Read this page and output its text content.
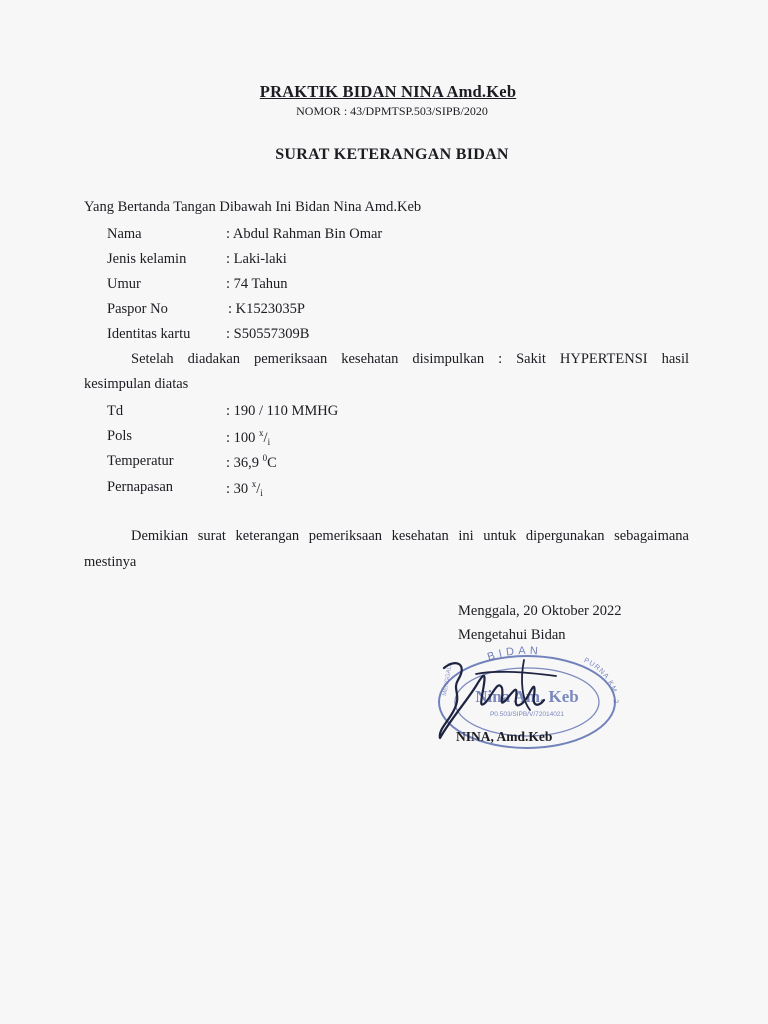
PRAKTIK BIDAN NINA Amd.Keb
NOMOR : 43/DPMTSP.503/SIPB/2020
SURAT KETERANGAN BIDAN
Yang Bertanda Tangan Dibawah Ini Bidan Nina Amd.Keb
Nama	: Abdul Rahman Bin Omar
Jenis kelamin	: Laki-laki
Umur	: 74 Tahun
Paspor No	: K1523035P
Identitas kartu : S50557309B
Setelah diadakan pemeriksaan kesehatan disimpulkan : Sakit HYPERTENSI hasil
kesimpulan diatas
Td	: 190 / 110 MMHG
Pols	: 100 $^x/_i$
Temperatur	: 36,9 $^0$C
Pernapasan	: 30 $^x/_i$
Demikian surat keterangan pemeriksaan kesehatan ini untuk dipergunakan sebagaimana
mestinya
Menggala, 20 Oktober 2022
Mengetahui Bidan
BIDAN
PURNA KM. 2
Nina Am. Keb
P0.503/SIPB/V/72014021
MENGGALA
NINA, Amd.Keb
